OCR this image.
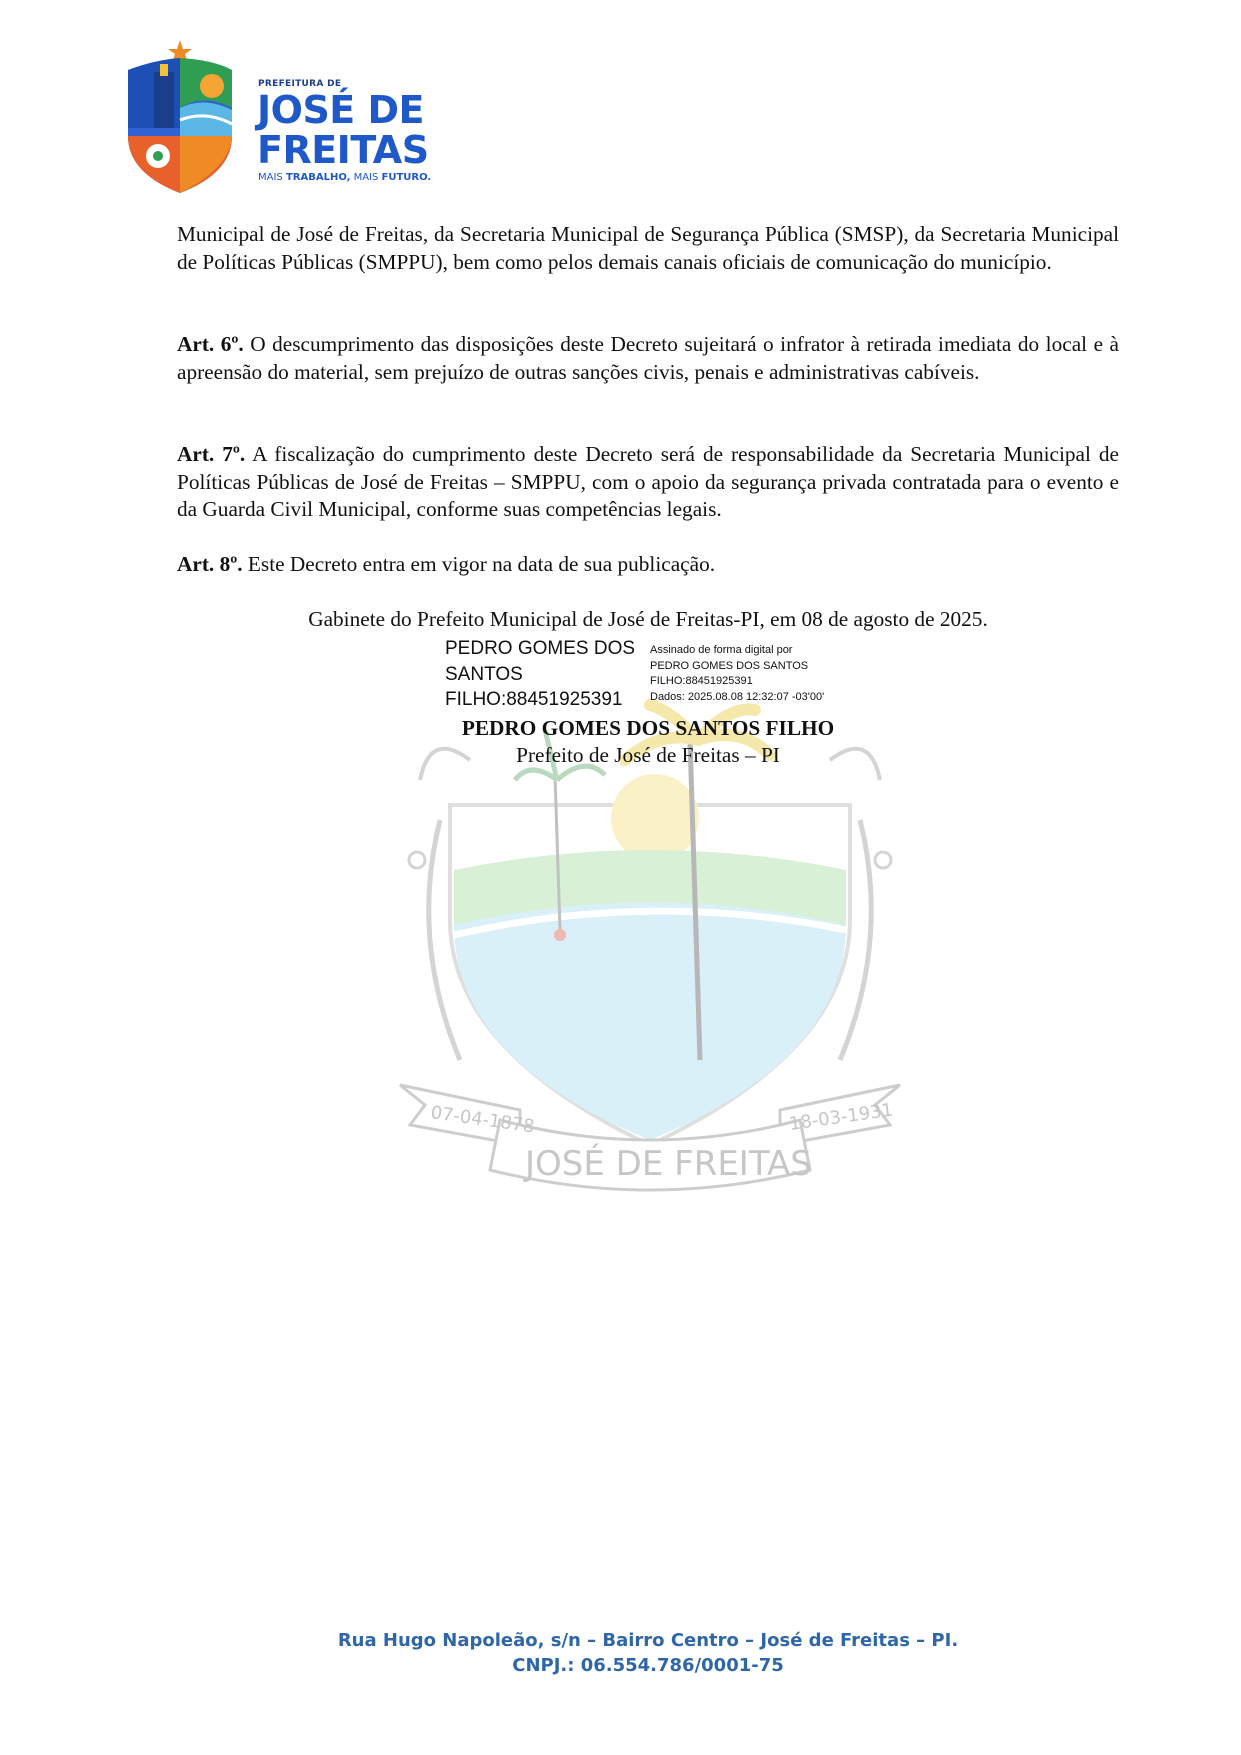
PREFEITURA DE
JOSÉ DE
FREITAS
MAIS TRABALHO, MAIS FUTURO.
07-04-1878	18-03-1931
JOSÉ DE FREITAS
Municipal de José de Freitas, da Secretaria Municipal de Segurança Pública (SMSP), da Secretaria Municipal de Políticas Públicas (SMPPU), bem como pelos demais canais oficiais de comunicação do município.
Art. 6º. O descumprimento das disposições deste Decreto sujeitará o infrator à retirada imediata do local e à apreensão do material, sem prejuízo de outras sanções civis, penais e administrativas cabíveis.
Art. 7º. A fiscalização do cumprimento deste Decreto será de responsabilidade da Secretaria Municipal de Políticas Públicas de José de Freitas – SMPPU, com o apoio da segurança privada contratada para o evento e da Guarda Civil Municipal, conforme suas competências legais.
Art. 8º. Este Decreto entra em vigor na data de sua publicação.
Gabinete do Prefeito Municipal de José de Freitas-PI, em 08 de agosto de 2025.
PEDRO GOMES DOS
SANTOS
FILHO:88451925391
Assinado de forma digital por
PEDRO GOMES DOS SANTOS
FILHO:88451925391
Dados: 2025.08.08 12:32:07 -03'00'
PEDRO GOMES DOS SANTOS FILHO
Prefeito de José de Freitas – PI
Rua Hugo Napoleão, s/n – Bairro Centro – José de Freitas – PI.
CNPJ.: 06.554.786/0001-75
